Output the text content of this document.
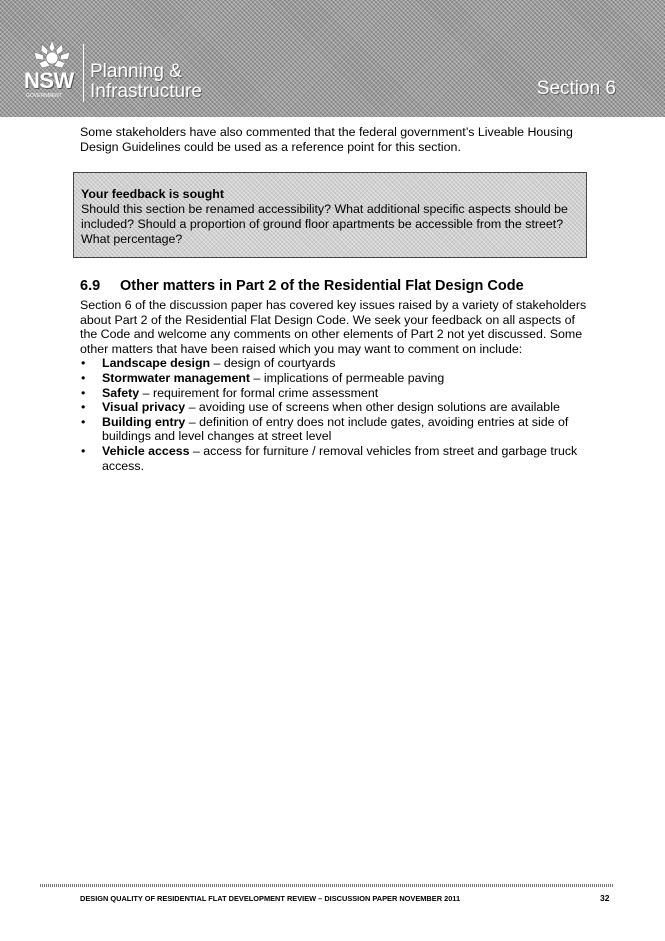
NSW
GOVERNMENT
Planning &
Infrastructure	Section 6

Some stakeholders have also commented that the federal government’s Liveable Housing Design Guidelines could be used as a reference point for this section.

Your feedback is sought
Should this section be renamed accessibility? What additional specific aspects should be included? Should a proportion of ground floor apartments be accessible from the street? What percentage?
6.9 Other matters in Part 2 of the Residential Flat Design Code

Section 6 of the discussion paper has covered key issues raised by a variety of stakeholders about Part 2 of the Residential Flat Design Code. We seek your feedback on all aspects of the Code and welcome any comments on other elements of Part 2 not yet discussed. Some other matters that have been raised which you may want to comment on include:

• Landscape design – design of courtyards
• Stormwater management – implications of permeable paving
• Safety – requirement for formal crime assessment
• Visual privacy – avoiding use of screens when other design solutions are available
• Building entry – definition of entry does not include gates, avoiding entries at side of buildings and level changes at street level
• Vehicle access – access for furniture / removal vehicles from street and garbage truck access.
DESIGN QUALITY OF RESIDENTIAL FLAT DEVELOPMENT REVIEW – DISCUSSION PAPER NOVEMBER 2011	32
